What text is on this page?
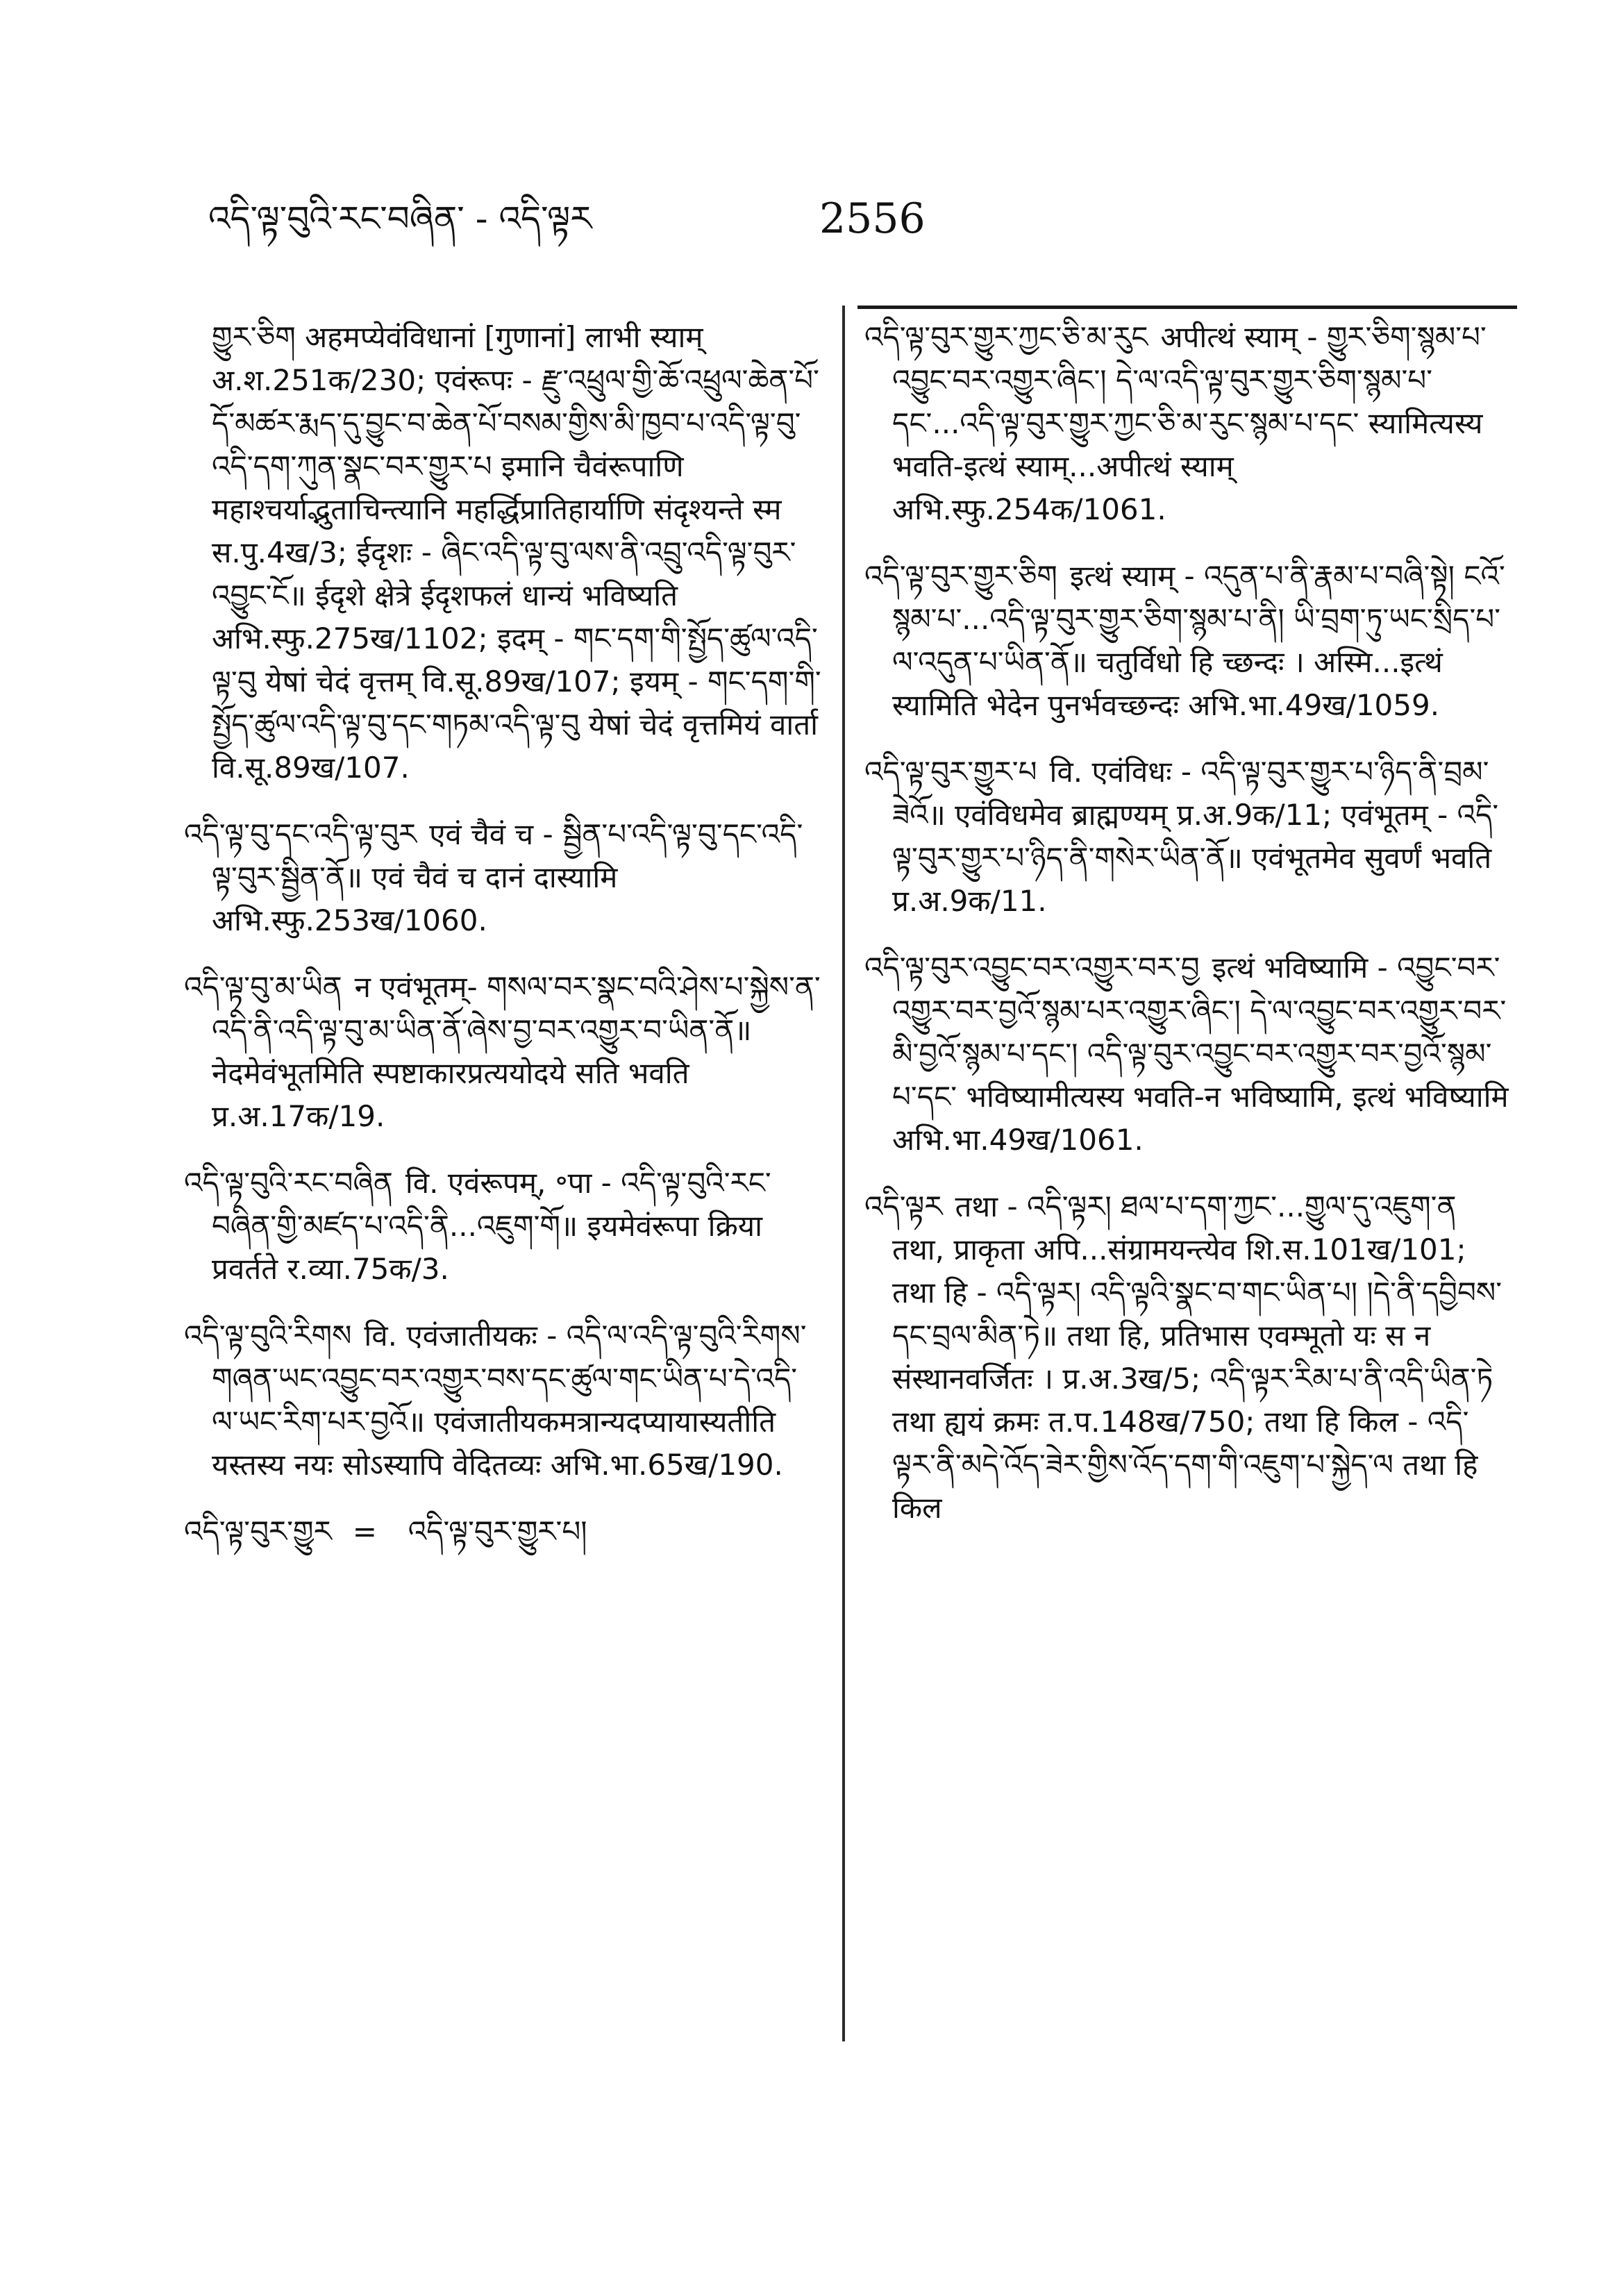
འདི་ལྟ་བུའི་རང་བཞིན་ - འདི་ལྟར	2556

གྱུར་ཅིག अहमप्येवंविधानां [गुणानां] लाभी स्याम् अ.श.251क/230; एवंरूपः - རྫུ་འཕྲུལ་གྱི་ཆོ་འཕྲུལ་ཆེན་པོ་དོ་མཚར་རྨད་དུ་བྱུང་བ་ཆེན་པོ་བསམ་གྱིས་མི་ཁྱབ་པ་འདི་ལྟ་བུ་འདི་དག་ཀུན་སྣང་བར་གྱུར་པ इमानि चैवंरूपाणि महाश्चर्याद्भुताचिन्त्यानि महर्द्धिप्रातिहार्याणि संदृश्यन्ते स्म स.पु.4ख/3; ईदृशः - ཞིང་འདི་ལྟ་བུ་ལས་ནི་འབྲུ་འདི་ལྟ་བུར་འབྱུང་ངོ॥ ईदृशे क्षेत्रे ईदृशफलं धान्यं भविष्यति अभि.स्फु.275ख/1102; इदम् - གང་དག་གི་སྤྱོད་ཚུལ་འདི་ལྟ་བུ येषां चेदं वृत्तम् वि.सू.89ख/107; इयम् - གང་དག་གི་སྤྱོད་ཚུལ་འདི་ལྟ་བུ་དང་གཏམ་འདི་ལྟ་བུ येषां चेदं वृत्तमियं वार्ता वि.सू.89ख/107.

འདི་ལྟ་བུ་དང་འདི་ལྟ་བུར एवं चैवं च - སྦྱིན་པ་འདི་ལྟ་བུ་དང་འདི་ལྟ་བུར་སྦྱིན་ནོ॥ एवं चैवं च दानं दास्यामि अभि.स्फु.253ख/1060.

འདི་ལྟ་བུ་མ་ཡིན न एवंभूतम्- གསལ་བར་སྣང་བའི་ཤེས་པ་སྐྱེས་ན་འདི་ནི་འདི་ལྟ་བུ་མ་ཡིན་ནོ་ཞེས་བྱ་བར་འགྱུར་བ་ཡིན་ནོ॥ नेदमेवंभूतमिति स्पष्टाकारप्रत्ययोदये सति भवति प्र.अ.17क/19.

འདི་ལྟ་བུའི་རང་བཞིན वि. एवंरूपम्, ॰पा - འདི་ལྟ་བུའི་རང་བཞིན་གྱི་མཛད་པ་འདི་ནི...འཇུག་གོ॥ इयमेवंरूपा क्रिया प्रवर्तते र.व्या.75क/3.

འདི་ལྟ་བུའི་རིགས वि. एवंजातीयकः - འདི་ལ་འདི་ལྟ་བུའི་རིགས་གཞན་ཡང་འབྱུང་བར་འགྱུར་བས་དང་ཚུལ་གང་ཡིན་པ་དེ་འདི་ལ་ཡང་རིག་པར་བྱའོ॥ एवंजातीयकमत्रान्यदप्यायास्यतीति यस्तस्य नयः सोऽस्यापि वेदितव्यः अभि.भा.65ख/190.

འདི་ལྟ་བུར་གྱུར = འདི་ལྟ་བུར་གྱུར་པ།

འདི་ལྟ་བུར་གྱུར་ཀྱང་ཅི་མ་རུང अपीत्थं स्याम् - གྱུར་ཅིག་སྙམ་པ་འབྱུང་བར་འགྱུར་ཞིང་། དེ་ལ་འདི་ལྟ་བུར་གྱུར་ཅིག་སྙམ་པ་དང་...འདི་ལྟ་བུར་གྱུར་ཀྱང་ཅི་མ་རུང་སྙམ་པ་དང་ स्यामित्यस्य भवति-इत्थं स्याम्...अपीत्थं स्याम् अभि.स्फु.254क/1061.

འདི་ལྟ་བུར་གྱུར་ཅིག इत्थं स्याम् - འདུན་པ་ནི་རྣམ་པ་བཞི་སྟེ། ངའོ་སྙམ་པ་...འདི་ལྟ་བུར་གྱུར་ཅིག་སྙམ་པ་ནི། ཡི་བྲག་ཏུ་ཡང་སྲིད་པ་ལ་འདུན་པ་ཡིན་ནོ॥ चतुर्विधो हि च्छन्दः । अस्मि...इत्थं स्यामिति भेदेन पुनर्भवच्छन्दः अभि.भा.49ख/1059.

འདི་ལྟ་བུར་གྱུར་པ वि. एवंविधः - འདི་ལྟ་བུར་གྱུར་པ་ཉིད་ནི་བྲམ་ཟེའོ॥ एवंविधमेव ब्राह्मण्यम् प्र.अ.9क/11; एवंभूतम् - འདི་ལྟ་བུར་གྱུར་པ་ཉིད་ནི་གསེར་ཡིན་ནོ॥ एवंभूतमेव सुवर्णं भवति प्र.अ.9क/11.

འདི་ལྟ་བུར་འབྱུང་བར་འགྱུར་བར་བྱ इत्थं भविष्यामि - འབྱུང་བར་འགྱུར་བར་བྱའོ་སྙམ་པར་འགྱུར་ཞིང་། དེ་ལ་འབྱུང་བར་འགྱུར་བར་མི་བྱའོ་སྙམ་པ་དང་། འདི་ལྟ་བུར་འབྱུང་བར་འགྱུར་བར་བྱའོ་སྙམ་པ་དང་ भविष्यामीत्यस्य भवति-न भविष्यामि, इत्थं भविष्यामि अभि.भा.49ख/1061.

འདི་ལྟར तथा - འདི་ལྟར། ཐལ་པ་དག་ཀྱང་...གྱུལ་དུ་འཇུག་ན तथा, प्राकृता अपि...संग्रामयन्त्येव शि.स.101ख/101; तथा हि - འདི་ལྟར། འདི་ལྟའི་སྣང་བ་གང་ཡིན་པ། །དེ་ནི་དབྱིབས་དང་བྲལ་མིན་ཏེ॥ तथा हि, प्रतिभास एवम्भूतो यः स न संस्थानवर्जितः । प्र.अ.3ख/5; འདི་ལྟར་རིམ་པ་ནི་འདི་ཡིན་ཏེ तथा ह्ययं क्रमः त.प.148ख/750; तथा हि किल - འདི་ལྟར་ནི་མདེ་འོད་ཟེར་གྱིས་འོད་དག་གི་འཇུག་པ་སྐྱེད་ལ तथा हि किल
